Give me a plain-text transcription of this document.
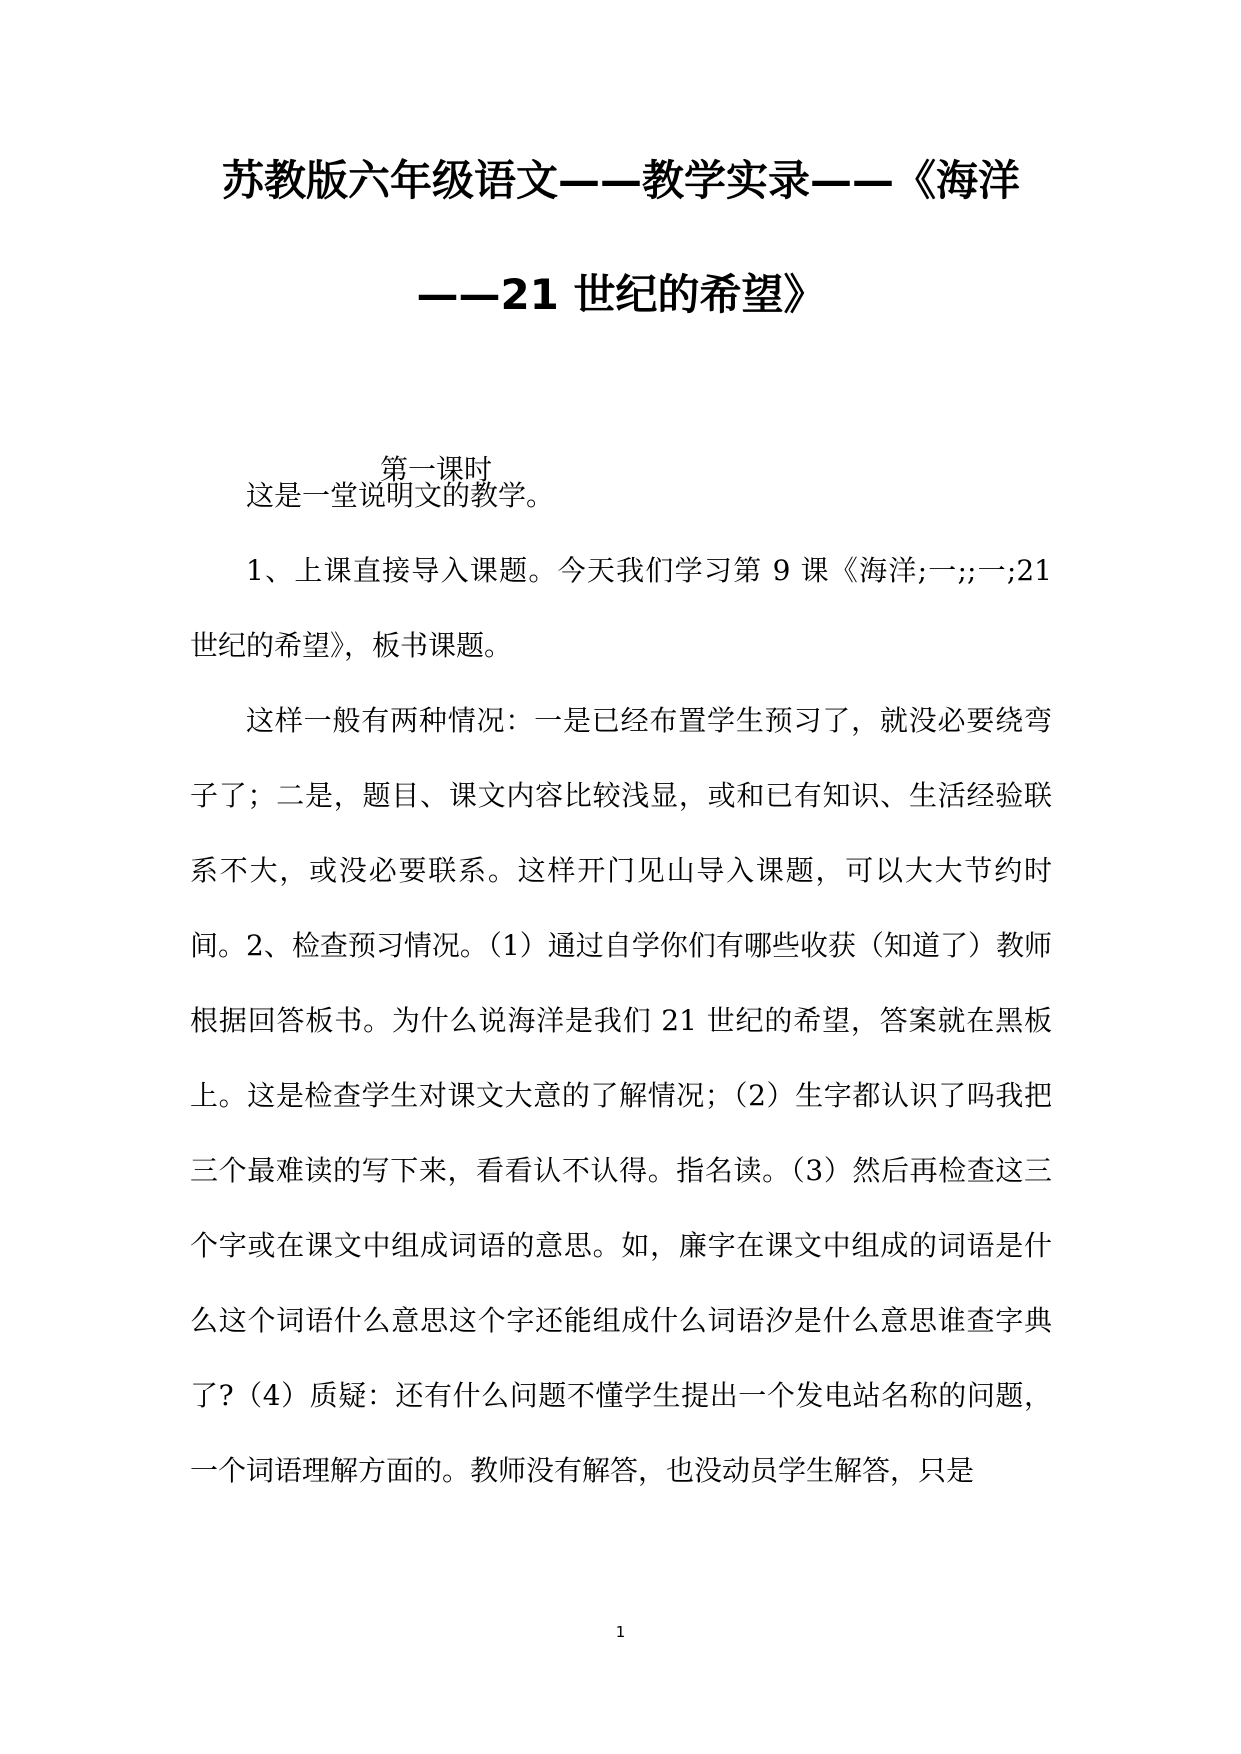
苏教版六年级语文——教学实录——《海洋
——21 世纪的希望》
第一课时
这是一堂说明文的教学。
1、上课直接导入课题。今天我们学习第 9 课《海洋;一;;一;21 世纪的希望》，板书课题。
这样一般有两种情况：一是已经布置学生预习了，就没必要绕弯子了；二是，题目、课文内容比较浅显，或和已有知识、生活经验联系不大，或没必要联系。这样开门见山导入课题，可以大大节约时间。 2、检查预习情况。（1）通过自学你们有哪些收获（知道了）教师根据回答板书。为什么说海洋是我们 21 世纪的希望，答案就在黑板上。这是检查学生对课文大意的了解情况；（2）生字都认识了吗我把三个最难读的写下来，看看认不认得。指名读。（3）然后再检查这三个字或在课文中组成词语的意思。如，廉字在课文中组成的词语是什么这个词语什么意思这个字还能组成什么词语汐是什么意思谁查字典了?（4）质疑：还有什么问题不懂学生提出一个发电站名称的问题，一个词语理解方面的。教师没有解答，也没动员学生解答，只是
1
